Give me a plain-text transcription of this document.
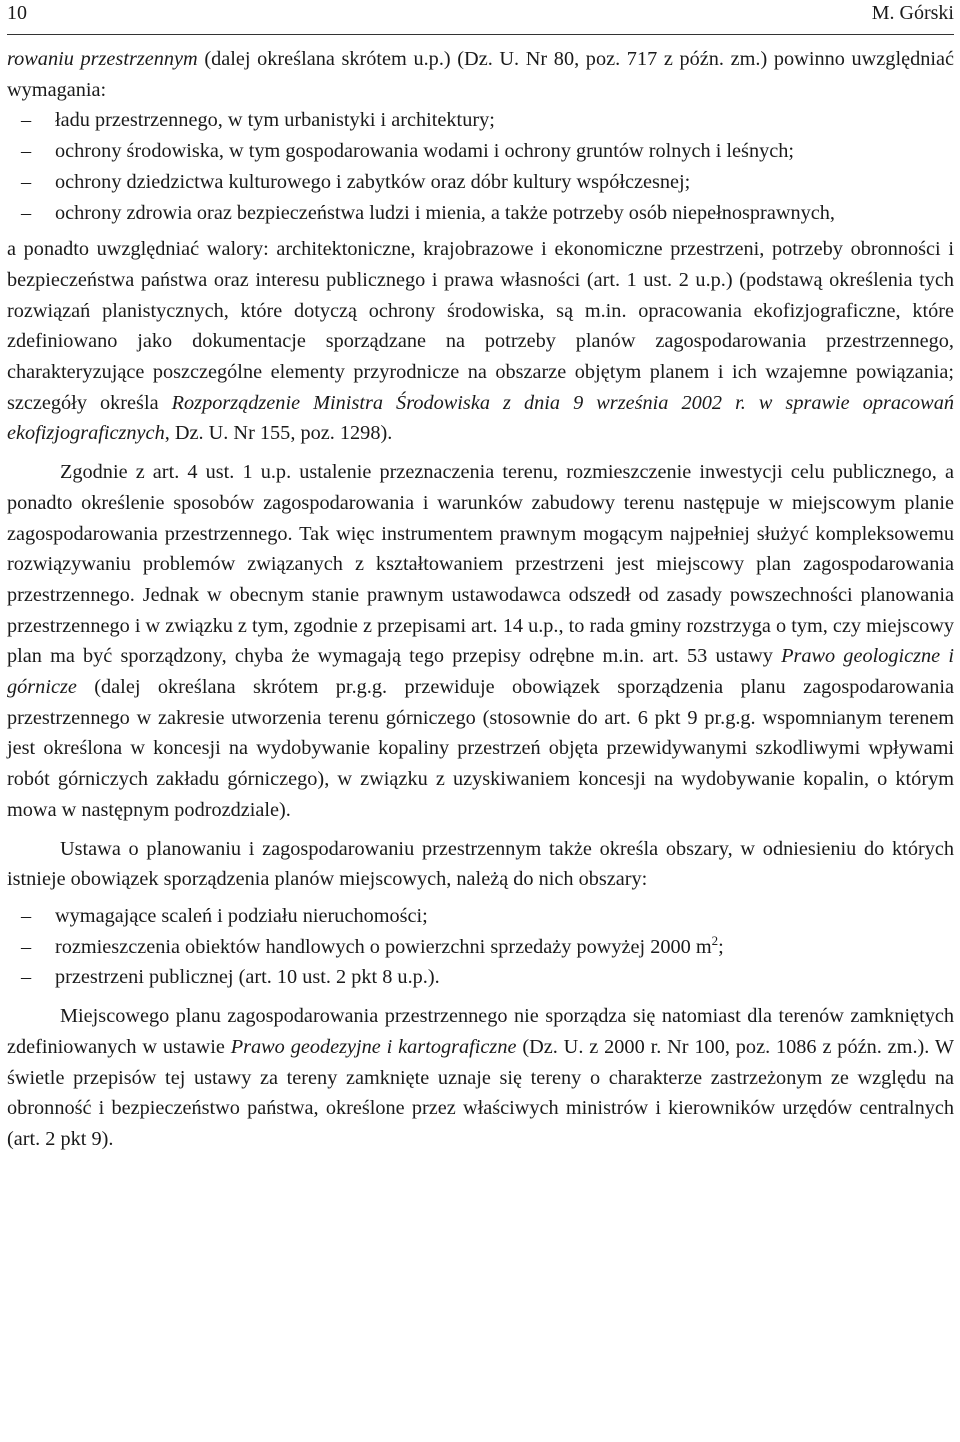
10	M. Górski

rowaniu przestrzennym (dalej określana skrótem u.p.) (Dz. U. Nr 80, poz. 717 z późn. zm.) powinno uwzględniać wymagania:

– ładu przestrzennego, w tym urbanistyki i architektury;
– ochrony środowiska, w tym gospodarowania wodami i ochrony gruntów rolnych i leśnych;
– ochrony dziedzictwa kulturowego i zabytków oraz dóbr kultury współczesnej;
– ochrony zdrowia oraz bezpieczeństwa ludzi i mienia, a także potrzeby osób niepełnosprawnych,

a ponadto uwzględniać walory: architektoniczne, krajobrazowe i ekonomiczne przestrzeni, potrzeby obronności i bezpieczeństwa państwa oraz interesu publicznego i prawa własności (art. 1 ust. 2 u.p.) (podstawą określenia tych rozwiązań planistycznych, które dotyczą ochrony środowiska, są m.in. opracowania ekofizjograficzne, które zdefiniowano jako dokumentacje sporządzane na potrzeby planów zagospodarowania przestrzennego, charakteryzujące poszczególne elementy przyrodnicze na obszarze objętym planem i ich wzajemne powiązania; szczegóły określa Rozporządzenie Ministra Środowiska z dnia 9 września 2002 r. w sprawie opracowań ekofizjograficznych, Dz. U. Nr 155, poz. 1298).

Zgodnie z art. 4 ust. 1 u.p. ustalenie przeznaczenia terenu, rozmieszczenie inwestycji celu publicznego, a ponadto określenie sposobów zagospodarowania i warunków zabudowy terenu następuje w miejscowym planie zagospodarowania przestrzennego. Tak więc instrumentem prawnym mogącym najpełniej służyć kompleksowemu rozwiązywaniu problemów związanych z kształtowaniem przestrzeni jest miejscowy plan zagospodarowania przestrzennego. Jednak w obecnym stanie prawnym ustawodawca odszedł od zasady powszechności planowania przestrzennego i w związku z tym, zgodnie z przepisami art. 14 u.p., to rada gminy rozstrzyga o tym, czy miejscowy plan ma być sporządzony, chyba że wymagają tego przepisy odrębne m.in. art. 53 ustawy Prawo geologiczne i górnicze (dalej określana skrótem pr.g.g. przewiduje obowiązek sporządzenia planu zagospodarowania przestrzennego w zakresie utworzenia terenu górniczego (stosownie do art. 6 pkt 9 pr.g.g. wspomnianym terenem jest określona w koncesji na wydobywanie kopaliny przestrzeń objęta przewidywanymi szkodliwymi wpływami robót górniczych zakładu górniczego), w związku z uzyskiwaniem koncesji na wydobywanie kopalin, o którym mowa w następnym podrozdziale).

Ustawa o planowaniu i zagospodarowaniu przestrzennym także określa obszary, w odniesieniu do których istnieje obowiązek sporządzenia planów miejscowych, należą do nich obszary:

– wymagające scaleń i podziału nieruchomości;
– rozmieszczenia obiektów handlowych o powierzchni sprzedaży powyżej 2000 $m^2$;
– przestrzeni publicznej (art. 10 ust. 2 pkt 8 u.p.).

Miejscowego planu zagospodarowania przestrzennego nie sporządza się natomiast dla terenów zamkniętych zdefiniowanych w ustawie Prawo geodezyjne i kartograficzne (Dz. U. z 2000 r. Nr 100, poz. 1086 z późn. zm.). W świetle przepisów tej ustawy za tereny zamknięte uznaje się tereny o charakterze zastrzeżonym ze względu na obronność i bezpieczeństwo państwa, określone przez właściwych ministrów i kierowników urzędów centralnych (art. 2 pkt 9).
